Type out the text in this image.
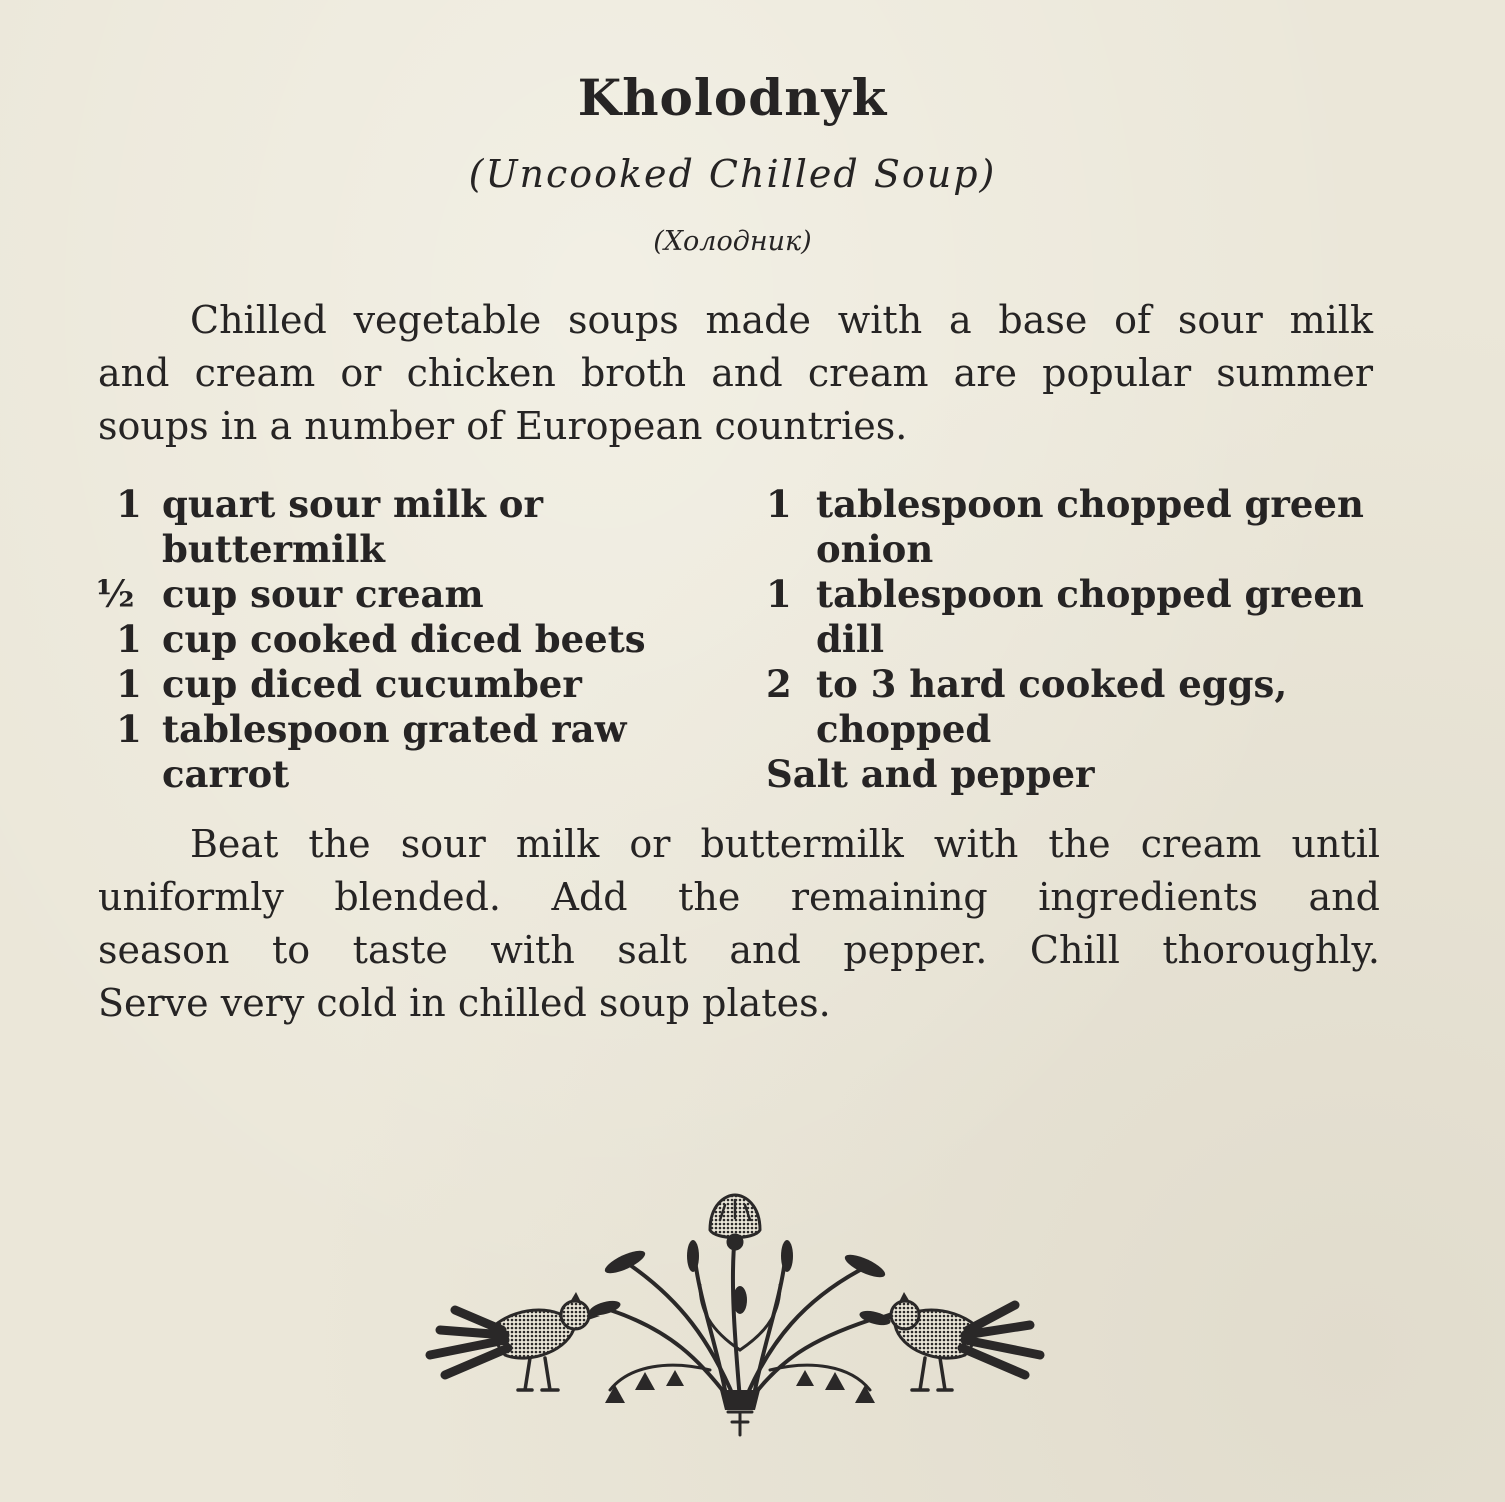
Kholodnyk
(Uncooked Chilled Soup)
(Холодник)

Chilled vegetable soups made with a base of sour milk
and cream or chicken broth and cream are popular summer
soups in a number of European countries.

1 quart sour milk or
buttermilk
½ cup sour cream
1 cup cooked diced beets
1 cup diced cucumber
1 tablespoon grated raw
carrot
1 tablespoon chopped green
onion
1 tablespoon chopped green
dill
2 to 3 hard cooked eggs,
chopped
Salt and pepper

Beat the sour milk or buttermilk with the cream until
uniformly blended. Add the remaining ingredients and
season to taste with salt and pepper. Chill thoroughly.
Serve very cold in chilled soup plates.
